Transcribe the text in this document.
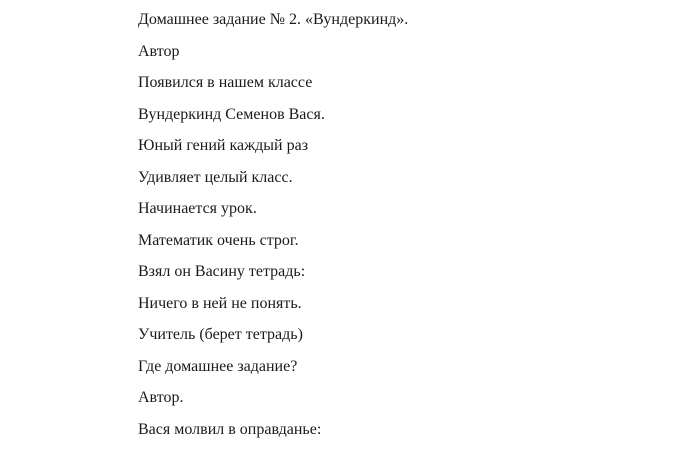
Домашнее задание № 2. «Вундеркинд».
Автор
Появился в нашем классе
Вундеркинд Семенов Вася.
Юный гений каждый раз
Удивляет целый класс.
Начинается урок.
Математик очень строг.
Взял он Васину тетрадь:
Ничего в ней не понять.
Учитель (берет тетрадь)
Где домашнее задание?
Автор.
Вася молвил в оправданье:
